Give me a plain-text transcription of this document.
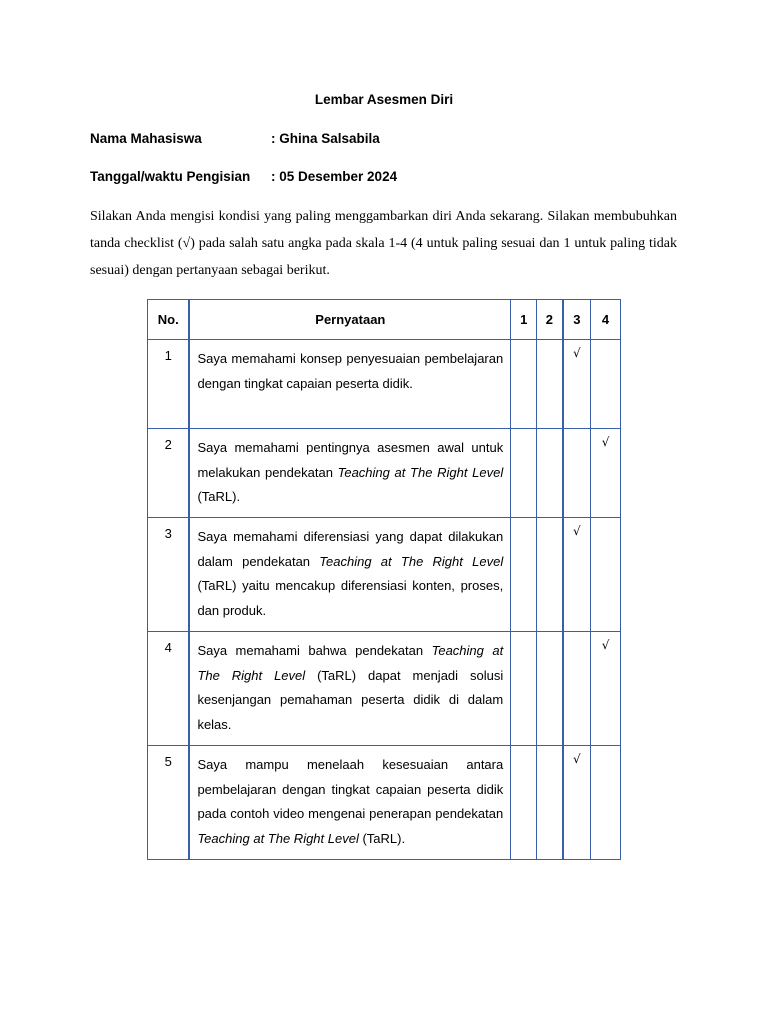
Lembar Asesmen Diri
Nama Mahasiswa	: Ghina Salsabila
Tanggal/waktu Pengisian : 05 Desember 2024

Silakan Anda mengisi kondisi yang paling menggambarkan diri Anda sekarang. Silakan membubuhkan tanda checklist (√) pada salah satu angka pada skala 1-4 (4 untuk paling sesuai dan 1 untuk paling tidak sesuai) dengan pertanyaan sebagai berikut.

No.	Pernyataan	1	2	3	4
1	Saya memahami konsep penyesuaian pembelajaran dengan tingkat capaian peserta didik.			√	
2	Saya memahami pentingnya asesmen awal untuk melakukan pendekatan Teaching at The Right Level (TaRL).				√
3	Saya memahami diferensiasi yang dapat dilakukan dalam pendekatan Teaching at The Right Level (TaRL) yaitu mencakup diferensiasi konten, proses, dan produk.			√	
4	Saya memahami bahwa pendekatan Teaching at The Right Level (TaRL) dapat menjadi solusi kesenjangan pemahaman peserta didik di dalam kelas.				√
5	Saya mampu menelaah kesesuaian antara pembelajaran dengan tingkat capaian peserta didik pada contoh video mengenai penerapan pendekatan Teaching at The Right Level (TaRL).			√	
